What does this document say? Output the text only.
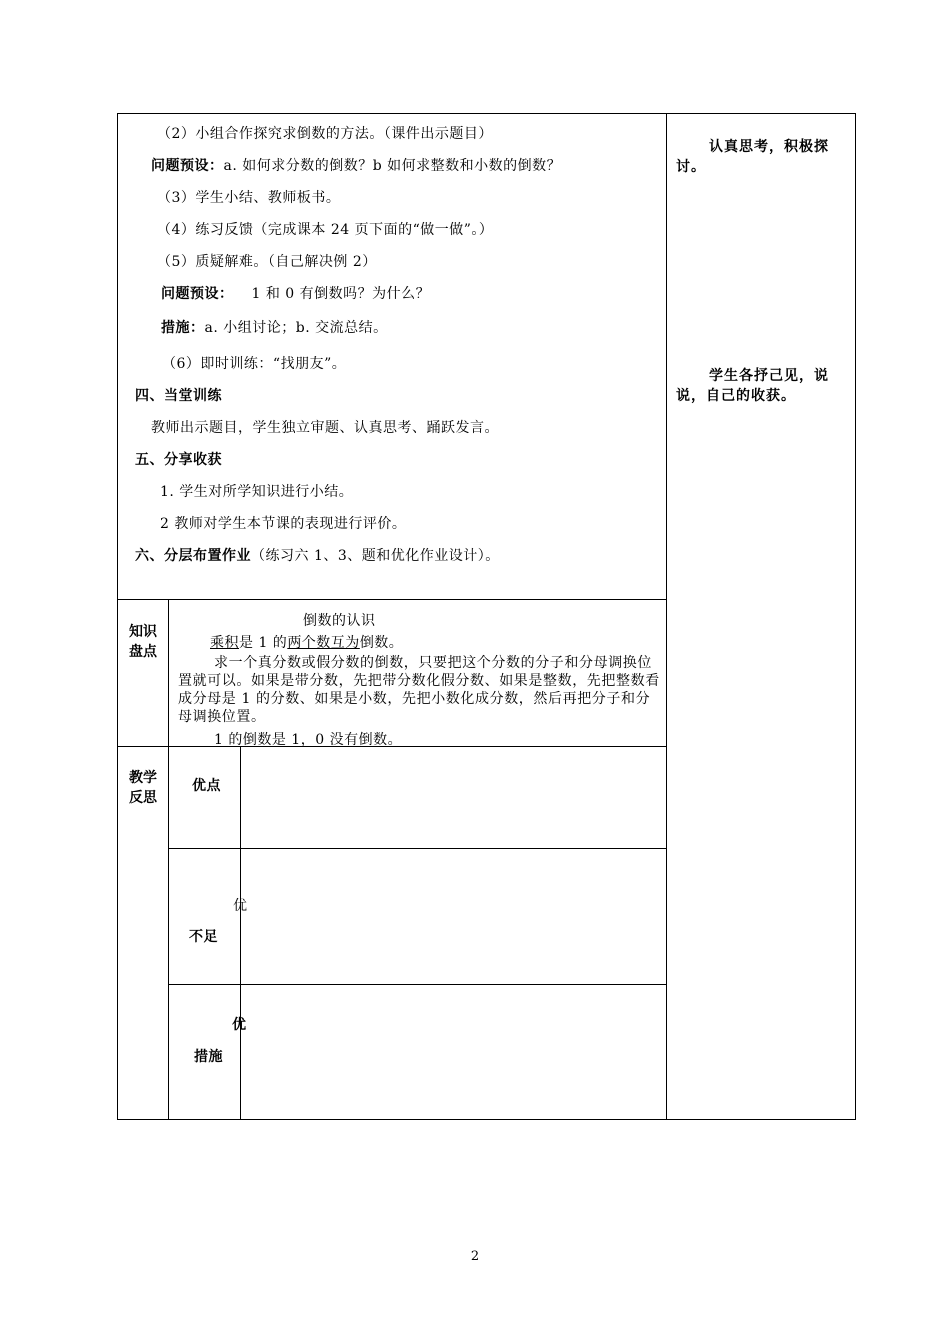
（2）小组合作探究求倒数的方法。（课件出示题目）
问题预设：a. 如何求分数的倒数？b 如何求整数和小数的倒数？
（3）学生小结、教师板书。
（4）练习反馈（完成课本 24 页下面的“做一做”。）
（5）质疑解难。（自己解决例 2）
问题预设： 1 和 0 有倒数吗？为什么？
措施：a. 小组讨论；b. 交流总结。
（6）即时训练：“找朋友”。
四、当堂训练
教师出示题目，学生独立审题、认真思考、踊跃发言。
五、分享收获
1. 学生对所学知识进行小结。
2 教师对学生本节课的表现进行评价。
六、分层布置作业（练习六 1、3、题和优化作业设计）。
认真思考，积极探讨。
学生各抒己见，说说，自己的收获。
知识盘点
倒数的认识
乘积是 1 的两个数互为倒数。
求一个真分数或假分数的倒数，只要把这个分数的分子和分母调换位置就可以。如果是带分数，先把带分数化假分数、如果是整数，先把整数看成分母是 1 的分数、如果是小数，先把小数化成分数，然后再把分子和分母调换位置。
1 的倒数是 1，0 没有倒数。
教学反思
优点
优
不足
优
措施
2
